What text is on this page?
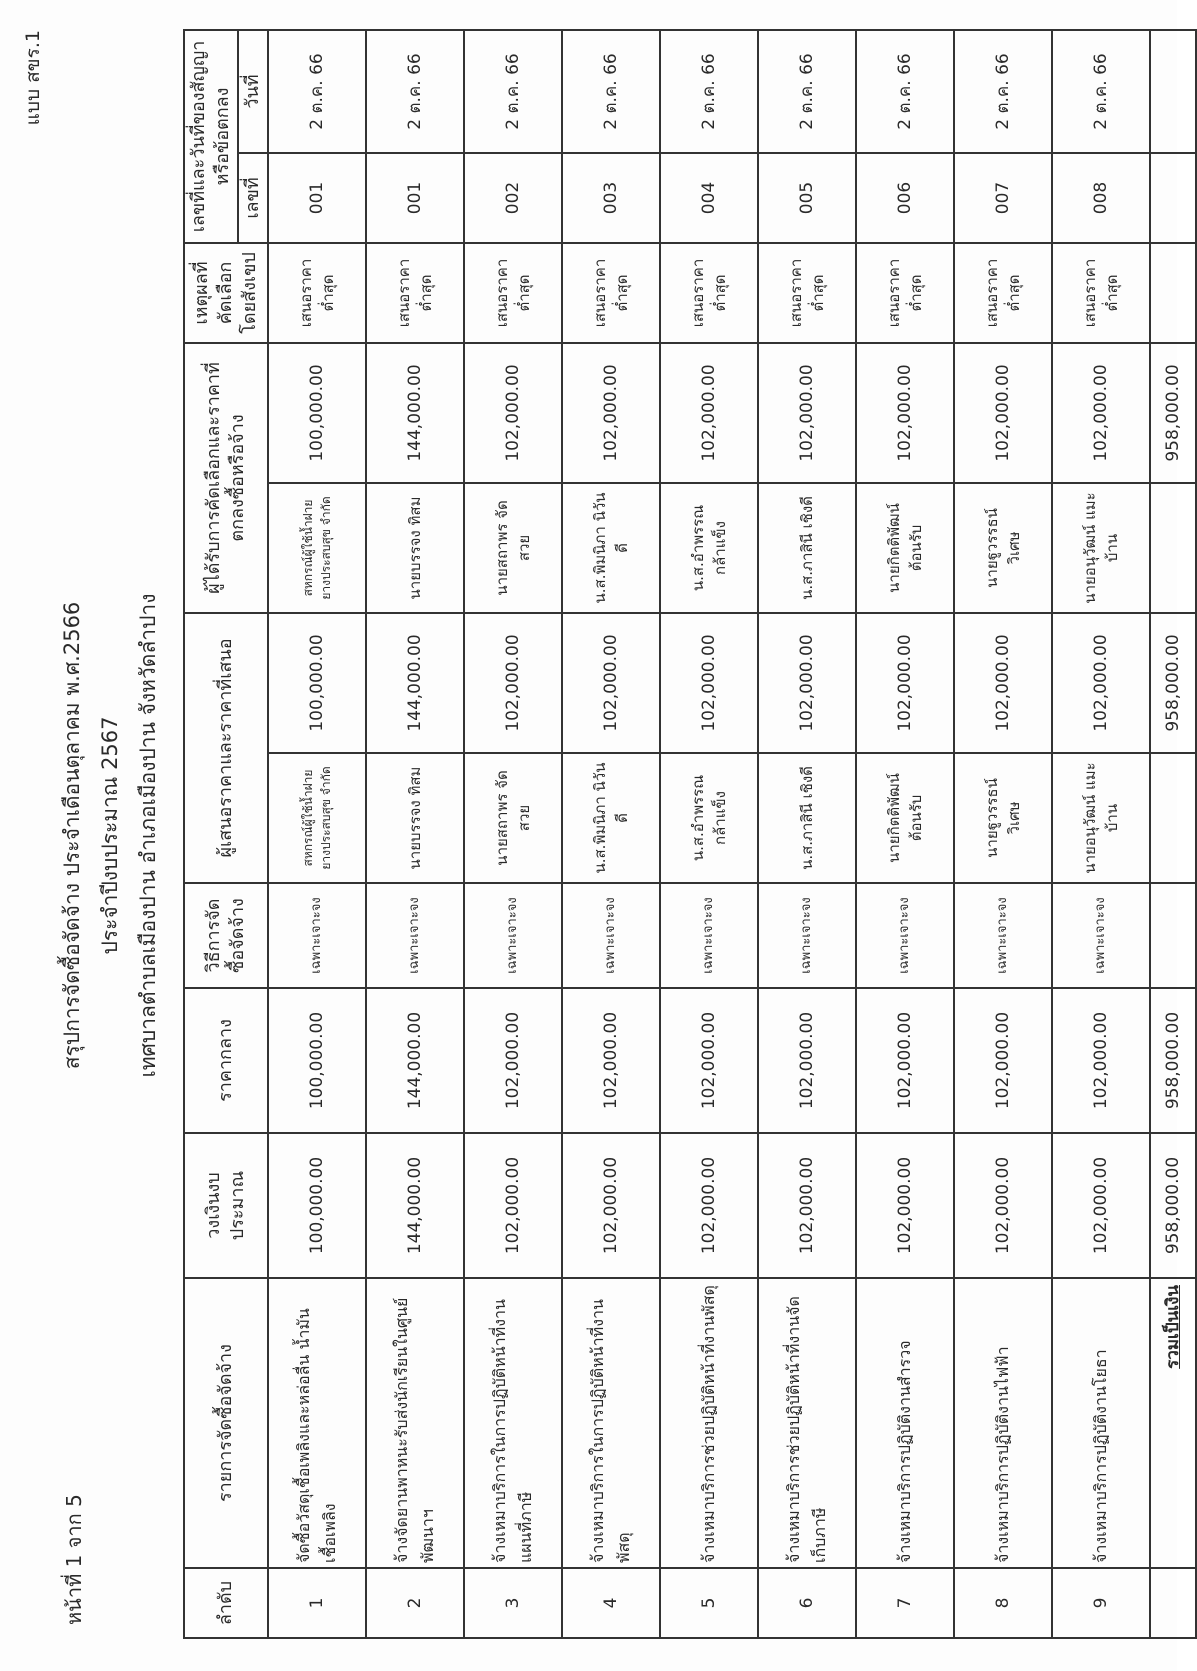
หน้าที่ 1 จาก 5
แบบ สขร.1
สรุปการจัดซื้อจัดจ้าง ประจำเดือนตุลาคม พ.ศ.2566 ประจำปีงบประมาณ 2567 เทศบาลตำบลเมืองปาน อำเภอเมืองปาน จังหวัดลำปาง
ลำดับ	รายการจัดซื้อจัดจ้าง	วงเงินงบประมาณ	ราคากลาง	วิธีการจัดซื้อจัดจ้าง	ผู้เสนอราคาและราคาที่เสนอ		ผู้ได้รับการคัดเลือกและราคาที่ตกลงซื้อหรือจ้าง		เหตุผลที่คัดเลือกโดยสังเขป	เลขที่และวันที่ของสัญญาหรือข้อตกลง	
										เลขที่	วันที่
1	จัดซื้อวัสดุเชื้อเพลิงและหล่อลื่น น้ำมันเชื้อเพลิง	100,000.00	100,000.00	เฉพาะเจาะจง	สหกรณ์ผู้ใช้น้ำฝาย ยางประสบสุข จำกัด	100,000.00	สหกรณ์ผู้ใช้น้ำฝาย ยางประสบสุข จำกัด	100,000.00	เสนอราคาต่ำสุด	001	2 ต.ค. 66
2	จ้างจัดยานพาหนะรับส่งนักเรียนในศูนย์พัฒนาฯ	144,000.00	144,000.00	เฉพาะเจาะจง	นายบรรจง ทิสม	144,000.00	นายบรรจง ทิสม	144,000.00	เสนอราคาต่ำสุด	001	2 ต.ค. 66
3	จ้างเหมาบริการในการปฏิบัติหน้าที่งานแผนที่ภาษี	102,000.00	102,000.00	เฉพาะเจาะจง	นายสถาพร จัดสวย	102,000.00	นายสถาพร จัดสวย	102,000.00	เสนอราคาต่ำสุด	002	2 ต.ค. 66
4	จ้างเหมาบริการในการปฏิบัติหน้าที่งานพัสดุ	102,000.00	102,000.00	เฉพาะเจาะจง	น.ส.พิมนิภา นิวันดี	102,000.00	น.ส.พิมนิภา นิวันดี	102,000.00	เสนอราคาต่ำสุด	003	2 ต.ค. 66
5	จ้างเหมาบริการช่วยปฏิบัติหน้าที่งานพัสดุ	102,000.00	102,000.00	เฉพาะเจาะจง	น.ส.อำพรรณ กล้าแข็ง	102,000.00	น.ส.อำพรรณ กล้าแข็ง	102,000.00	เสนอราคาต่ำสุด	004	2 ต.ค. 66
6	จ้างเหมาบริการช่วยปฏิบัติหน้าที่งานจัดเก็บภาษี	102,000.00	102,000.00	เฉพาะเจาะจง	น.ส.ภาสินี เชิงดี	102,000.00	น.ส.ภาสินี เชิงดี	102,000.00	เสนอราคาต่ำสุด	005	2 ต.ค. 66
7	จ้างเหมาบริการปฏิบัติงานสำรวจ	102,000.00	102,000.00	เฉพาะเจาะจง	นายกิตติพัฒน์ ต้อนรับ	102,000.00	นายกิตติพัฒน์ ต้อนรับ	102,000.00	เสนอราคาต่ำสุด	006	2 ต.ค. 66
8	จ้างเหมาบริการปฏิบัติงานไฟฟ้า	102,000.00	102,000.00	เฉพาะเจาะจง	นายฐูวรรธน์ วิเศษ	102,000.00	นายฐูวรรธน์ วิเศษ	102,000.00	เสนอราคาต่ำสุด	007	2 ต.ค. 66
9	จ้างเหมาบริการปฏิบัติงานโยธา	102,000.00	102,000.00	เฉพาะเจาะจง	นายอนุวัฒน์ แมะบ้าน	102,000.00	นายอนุวัฒน์ แมะบ้าน	102,000.00	เสนอราคาต่ำสุด	008	2 ต.ค. 66
	รวมเป็นเงิน	958,000.00	958,000.00			958,000.00		958,000.00			
